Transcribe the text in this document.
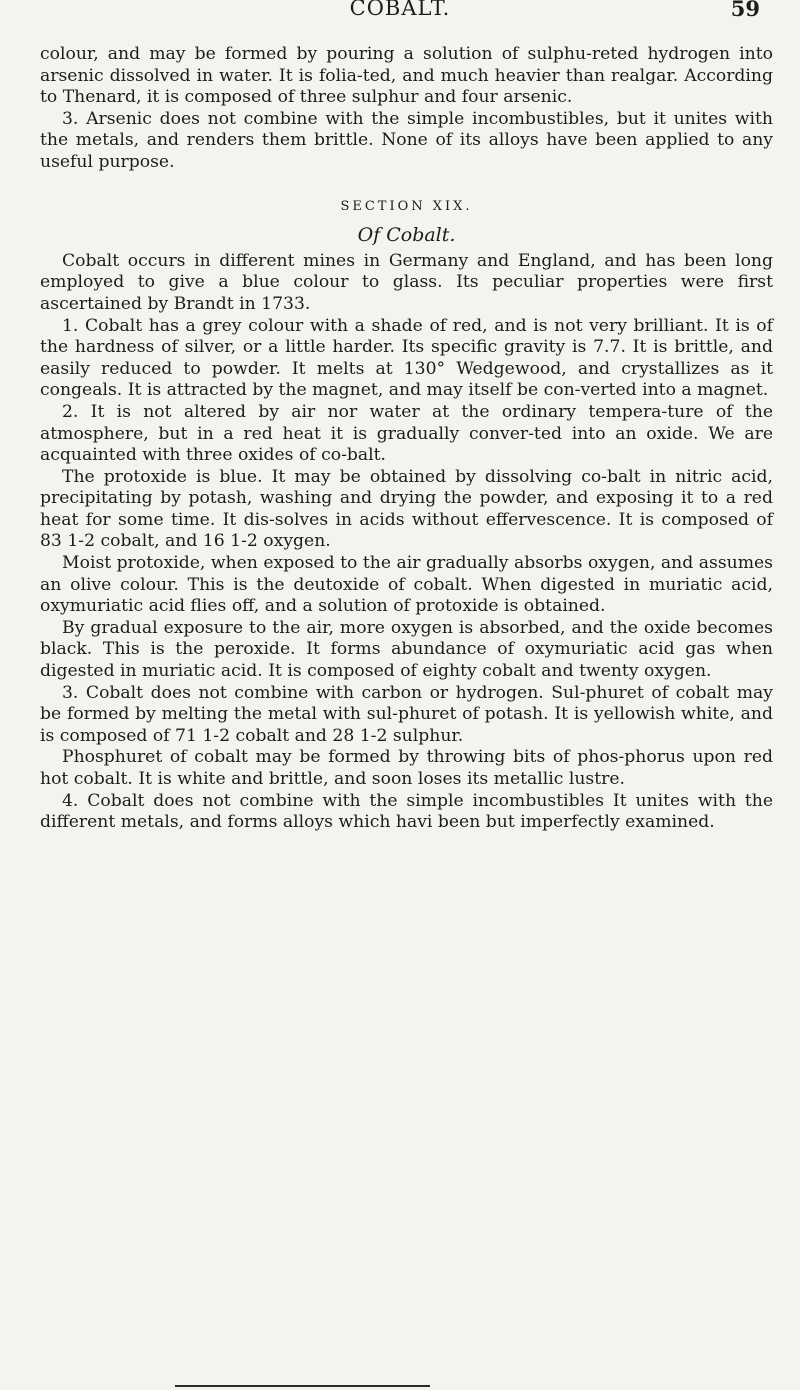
COBALT.	59

colour, and may be formed by pouring a solution of sulphu-reted hydrogen into arsenic dissolved in water. It is folia-ted, and much heavier than realgar. According to Thenard, it is composed of three sulphur and four arsenic.

3. Arsenic does not combine with the simple incombustibles, but it unites with the metals, and renders them brittle. None of its alloys have been applied to any useful purpose.

SECTION XIX.
Of Cobalt.

Cobalt occurs in different mines in Germany and England, and has been long employed to give a blue colour to glass. Its peculiar properties were first ascertained by Brandt in 1733.

1. Cobalt has a grey colour with a shade of red, and is not very brilliant. It is of the hardness of silver, or a little harder. Its specific gravity is 7.7. It is brittle, and easily reduced to powder. It melts at 130° Wedgewood, and crystallizes as it congeals. It is attracted by the magnet, and may itself be con-verted into a magnet.

2. It is not altered by air nor water at the ordinary tempera-ture of the atmosphere, but in a red heat it is gradually conver-ted into an oxide. We are acquainted with three oxides of co-balt.

The protoxide is blue. It may be obtained by dissolving co-balt in nitric acid, precipitating by potash, washing and drying the powder, and exposing it to a red heat for some time. It dis-solves in acids without effervescence. It is composed of 83 1-2 cobalt, and 16 1-2 oxygen.

Moist protoxide, when exposed to the air gradually absorbs oxygen, and assumes an olive colour. This is the deutoxide of cobalt. When digested in muriatic acid, oxymuriatic acid flies off, and a solution of protoxide is obtained.

By gradual exposure to the air, more oxygen is absorbed, and the oxide becomes black. This is the peroxide. It forms abundance of oxymuriatic acid gas when digested in muriatic acid. It is composed of eighty cobalt and twenty oxygen.

3. Cobalt does not combine with carbon or hydrogen. Sul-phuret of cobalt may be formed by melting the metal with sul-phuret of potash. It is yellowish white, and is composed of 71 1-2 cobalt and 28 1-2 sulphur.

Phosphuret of cobalt may be formed by throwing bits of phos-phorus upon red hot cobalt. It is white and brittle, and soon loses its metallic lustre.

4. Cobalt does not combine with the simple incombustibles It unites with the different metals, and forms alloys which havi been but imperfectly examined.
